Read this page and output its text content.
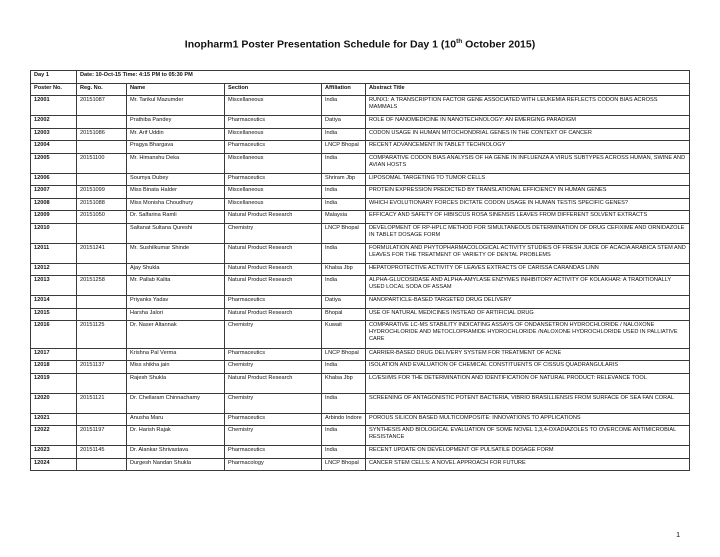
Inopharm1 Poster Presentation Schedule for Day 1 (10th October 2015)
Day 1	Date: 10-Oct-15 Time: 4:15 PM to 05:30 PM				
Poster No.	Reg. No.	Name	Section	Affiliation	Abstract Title
12001	20151087	Mr. Tarikul Mazumder	Miscellaneous	India	RUNX1: A TRANSCRIPTION FACTOR GENE ASSOCIATED WITH LEUKEMIA REFLECTS CODON BIAS ACROSS MAMMALS
12002		Prathiba Pandey	Pharmaceutics	Datiya	ROLE OF NANOMEDICINE IN NANOTECHNOLOGY: AN EMERGING PARADIGM
12003	20151086	Mr. Arif Uddin	Miscellaneous	India	CODON USAGE IN HUMAN MITOCHONDRIAL GENES IN THE CONTEXT OF CANCER
12004		Pragya Bhargava	Pharmaceutics	LNCP Bhopal	RECENT ADVANCEMENT IN TABLET TECHNOLOGY
12005	20151100	Mr. Himanshu Deka	Miscellaneous	India	COMPARATIVE CODON BIAS ANALYSIS OF HA GENE IN INFLUENZA A VIRUS SUBTYPES ACROSS HUMAN, SWINE AND AVIAN HOSTS
12006		Soumya Dubey	Pharmaceutics	Shriram Jbp	LIPOSOMAL TARGETING TO TUMOR CELLS
12007	20151099	Miss Binata Halder	Miscellaneous	India	PROTEIN EXPRESSION PREDICTED BY TRANSLATIONAL EFFICIENCY IN HUMAN GENES
12008	20151088	Miss Monisha Choudhury	Miscellaneous	India	WHICH EVOLUTIONARY FORCES DICTATE CODON USAGE IN HUMAN TESTIS SPECIFIC GENES?
12009	20151050	Dr. Salfarina Ramli	Natural Product Research	Malaysia	EFFICACY AND SAFETY OF HIBISCUS ROSA SINENSIS LEAVES FROM DIFFERENT SOLVENT EXTRACTS
12010		Saltanat Sultana Qureshi	Chemistry	LNCP Bhopal	DEVELOPMENT OF RP-HPLC METHOD FOR SIMULTANEOUS DETERMINATION OF DRUG CEFIXIME AND ORNIDAZOLE IN TABLET DOSAGE FORM
12011	20151241	Mr. Sushilkumar Shinde	Natural Product Research	India	FORMULATION AND PHYTOPHARMACOLOGICAL ACTIVITY STUDIES OF FRESH JUICE OF ACACIA ARABICA STEM AND LEAVES FOR THE TREATMENT OF VARIETY OF DENTAL PROBLEMS
12012		Ajay Shukla	Natural Product Research	Khalsa Jbp	HEPATOPROTECTIVE ACTIVITY OF LEAVES EXTRACTS OF CARISSA CARANDAS LINN
12013	20151258	Mr. Pallab Kalita	Natural Product Research	India	ALPHA-GLUCOSIDASE AND ALPHA-AMYLASE ENZYMES INHIBITORY ACTIVITY OF KOLAKHAR: A TRADITIONALLY USED LOCAL SODA OF ASSAM
12014		Priyanks Yadav	Pharmaceutics	Datiya	NANOPARTICLE-BASED TARGETED DRUG DELIVERY
12015		Harsha Jalori	Natural Product Research	Bhopal	USE OF NATURAL MEDICINES INSTEAD OF ARTIFICIAL DRUG
12016	20151125	Dr. Naser Altannak	Chemistry	Kuwait	COMPARATIVE LC-MS STABILITY INDICATING ASSAYS OF ONDANSETRON HYDROCHLORIDE / NALOXONE HYDROCHLORIDE AND METOCLOPRAMIDE HYDROCHLORIDE /NALOXONE HYDROCHLORIDE USED IN PALLIATIVE CARE
12017		Krishna Pal Verma	Pharmaceutics	LNCP Bhopal	CARRIER-BASED DRUG DELIVERY SYSTEM FOR TREATMENT OF ACNE
12018	20151137	Miss shikha jain	Chemistry	India	ISOLATION AND EVALUATION OF CHEMICAL CONSTITUENTS OF CISSUS QUADRANGULARIS
12019		Rajesh Shukla	Natural Product Research	Khalsa Jbp	LC/ESI/MS FOR THE DETERMINATION AND IDENTIFICATION OF NATURAL PRODUCT: RELEVANCE TOOL
12020	20151121	Dr. Chellaram Chinnachamy	Chemistry	India	SCREENING OF ANTAGONISTIC POTENT BACTERIA, VIBRIO BRASILLIENSIS FROM SURFACE OF SEA FAN CORAL
12021		Anusha Maru	Pharmaceutics	Arbindo Indore	POROUS SILICON BASED MULTICOMPOSITE: INNOVATIONS TO APPLICATIONS
12022	20151197	Dr. Harish Rajak	Chemistry	India	SYNTHESIS AND BIOLOGICAL EVALUATION OF SOME NOVEL 1,3,4-OXADIAZOLES TO OVERCOME ANTIMICROBIAL RESISTANCE
12023	20151145	Dr. Alankar Shrivastava	Pharmaceutics	India	RECENT UPDATE ON DEVELOPMENT OF PULSATILE DOSAGE FORM
12024		Durgesh Nandan Shukla	Pharmacology	LNCP Bhopal	CANCER STEM CELLS: A NOVEL APPROACH FOR FUTURE
1
